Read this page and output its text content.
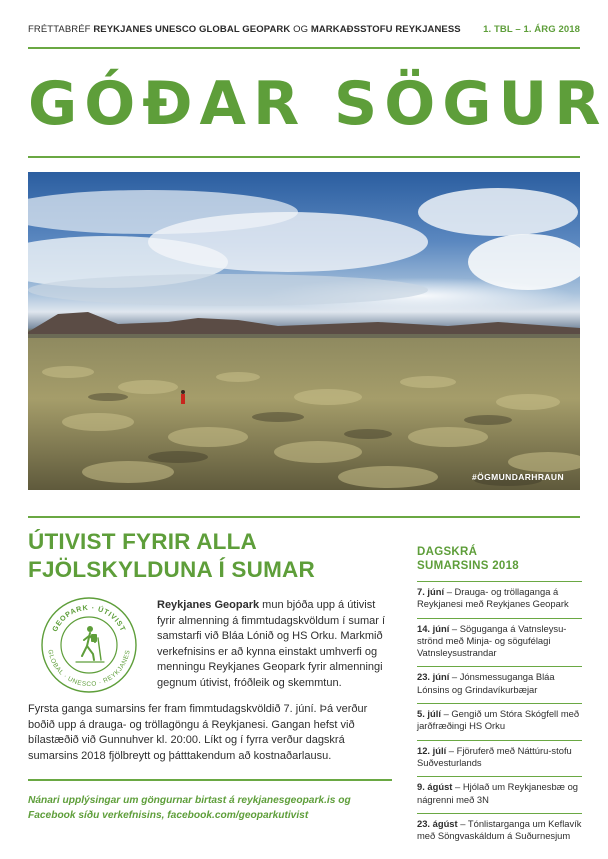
FRÉTTABRÉF REYKJANES UNESCO GLOBAL GEOPARK OG MARKAÐSSTOFU REYKJANESS 1. TBL – 1. ÁRG 2018
GÓÐAR SÖGUR
#ÖGMUNDARHRAUN
ÚTIVIST FYRIR ALLA
FJÖLSKYLDUNA Í SUMAR
GEOPARK · ÚTIVIST
GLOBAL · UNESCO · REYKJANES
Reykjanes Geopark mun bjóða upp á útivist fyrir almenning á fimmtudagskvöldum í sumar í samstarfi við Bláa Lónið og HS Orku. Markmið verkefnisins er að kynna einstakt umhverfi og menningu Reykjanes Geopark fyrir almenningi gegnum útivist, fróðleik og skemmtun.
Fyrsta ganga sumarsins fer fram fimmtudagskvöldið 7. júní. Þá verður boðið upp á drauga- og tröllagöngu á Reykjanesi. Gangan hefst við bílastæðið við Gunnuhver kl. 20:00. Líkt og í fyrra verður dagskrá sumarsins 2018 fjölbreytt og þátttakendum að kostnaðarlausu.
Nánari upplýsingar um göngurnar birtast á reykjanesgeopark.is og Facebook síðu verkefnisins, facebook.com/geoparkutivist
DAGSKRÁ
SUMARSINS 2018
7. júní – Drauga- og tröllaganga á Reykjanesi með Reykjanes Geopark
14. júní – Söguganga á Vatnsleysu-strönd með Minja- og sögufélagi Vatnsleysustrandar
23. júní – Jónsmessuganga Bláa Lónsins og Grindavíkurbæjar
5. júlí – Gengið um Stóra Skógfell með jarðfræðingi HS Orku
12. júlí – Fjöruferð með Náttúru-stofu Suðvesturlands
9. ágúst – Hjólað um Reykjanesbæ og nágrenni með 3N
23. ágúst – Tónlistarganga um Keflavík með Söngvaskáldum á Suðurnesjum
